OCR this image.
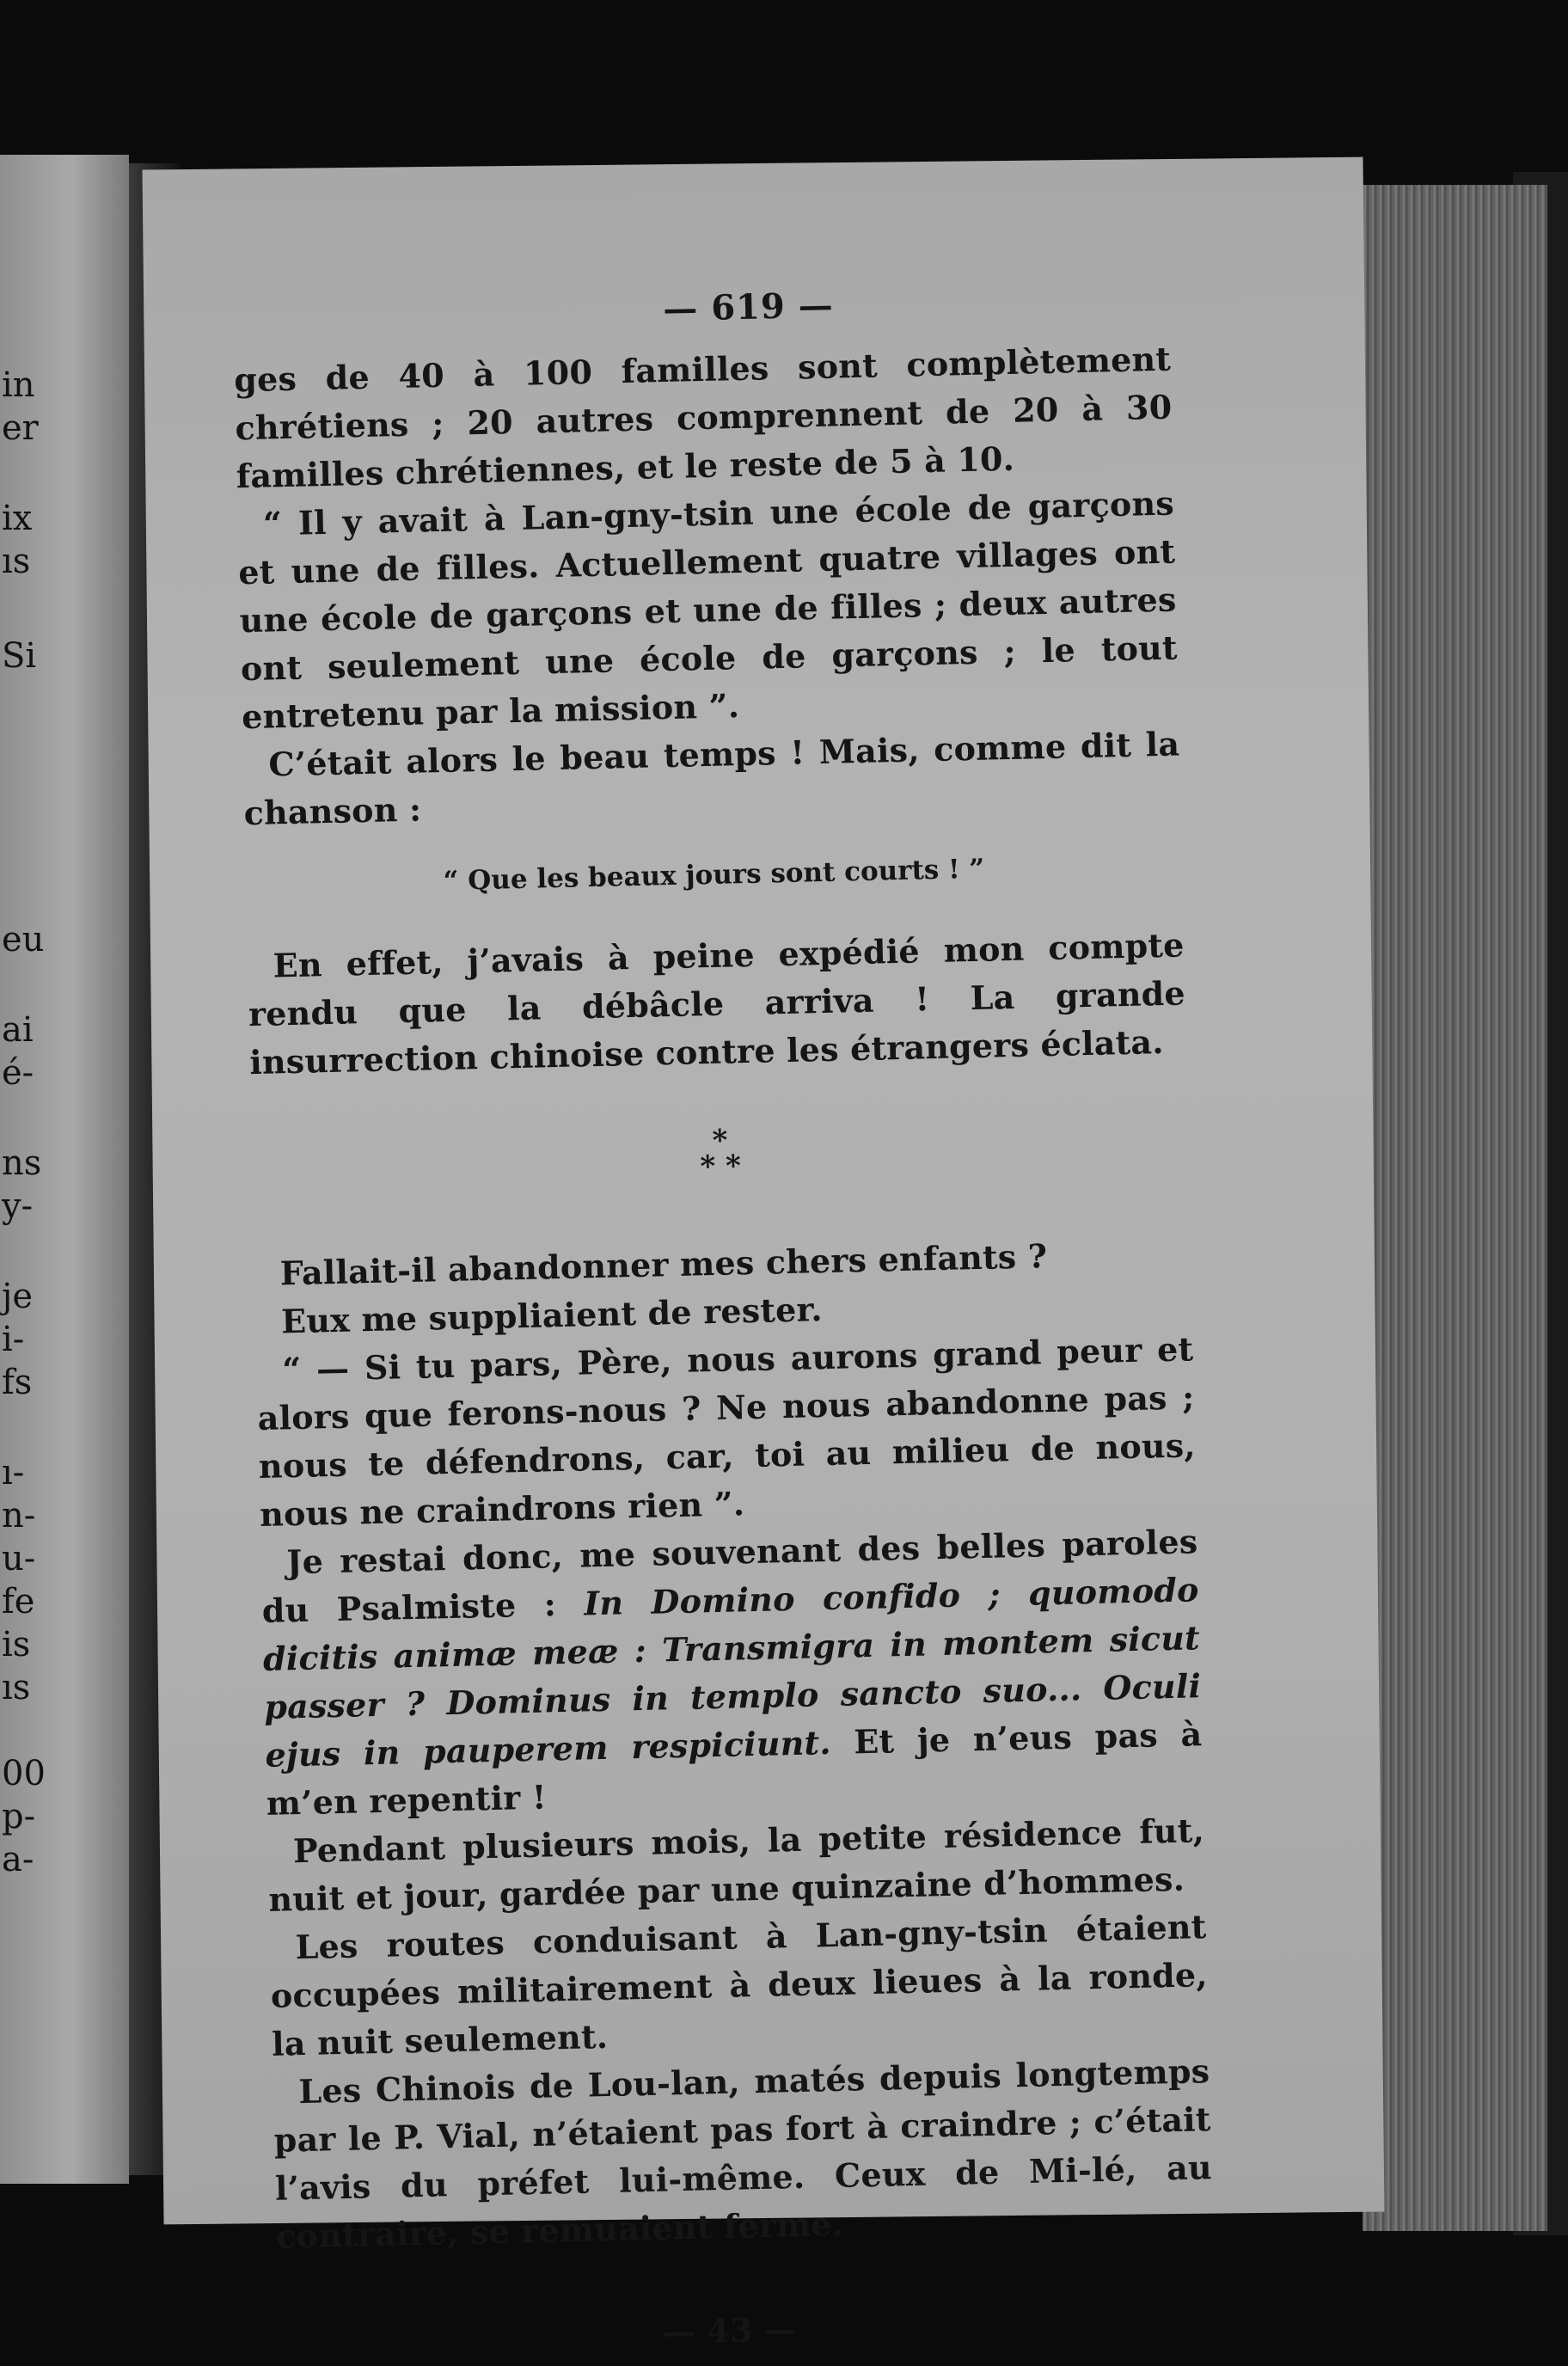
in
er
ix
ıs
Si
eu
ai
é-
ns
y-
je
i-
fs
ı-
n-
u-
fe
is
ıs
00
p-
a-
— 619 —

ges de 40 à 100 familles sont complètement chrétiens ; 20 autres comprennent de 20 à 30 familles chrétiennes, et le reste de 5 à 10.

“ Il y avait à Lan-gny-tsin une école de garçons et une de filles. Actuellement quatre villages ont une école de garçons et une de filles ; deux autres ont seulement une école de garçons ; le tout entretenu par la mission ”.

C’était alors le beau temps ! Mais, comme dit la chanson :

“ Que les beaux jours sont courts ! ”

En effet, j’avais à peine expédié mon compte rendu que la débâcle arriva ! La grande insurrection chinoise contre les étrangers éclata.

*
* *

Fallait-il abandonner mes chers enfants ?

Eux me suppliaient de rester.

“ — Si tu pars, Père, nous aurons grand peur et alors que ferons-nous ? Ne nous abandonne pas ; nous te défendrons, car, toi au milieu de nous, nous ne craindrons rien ”.

Je restai donc, me souvenant des belles paroles du Psalmiste : In Domino confido ; quomodo dicitis animæ meæ : Transmigra in montem sicut passer ? Dominus in templo sancto suo... Oculi ejus in pauperem respiciunt. Et je n’eus pas à m’en repentir !

Pendant plusieurs mois, la petite résidence fut, nuit et jour, gardée par une quinzaine d’hommes.

Les routes conduisant à Lan-gny-tsin étaient occupées militairement à deux lieues à la ronde, la nuit seulement.

Les Chinois de Lou-lan, matés depuis longtemps par le P. Vial, n’étaient pas fort à craindre ; c’était l’avis du préfet lui-même. Ceux de Mi-lé, au contraire, se remuaient ferme.

— 43 —
